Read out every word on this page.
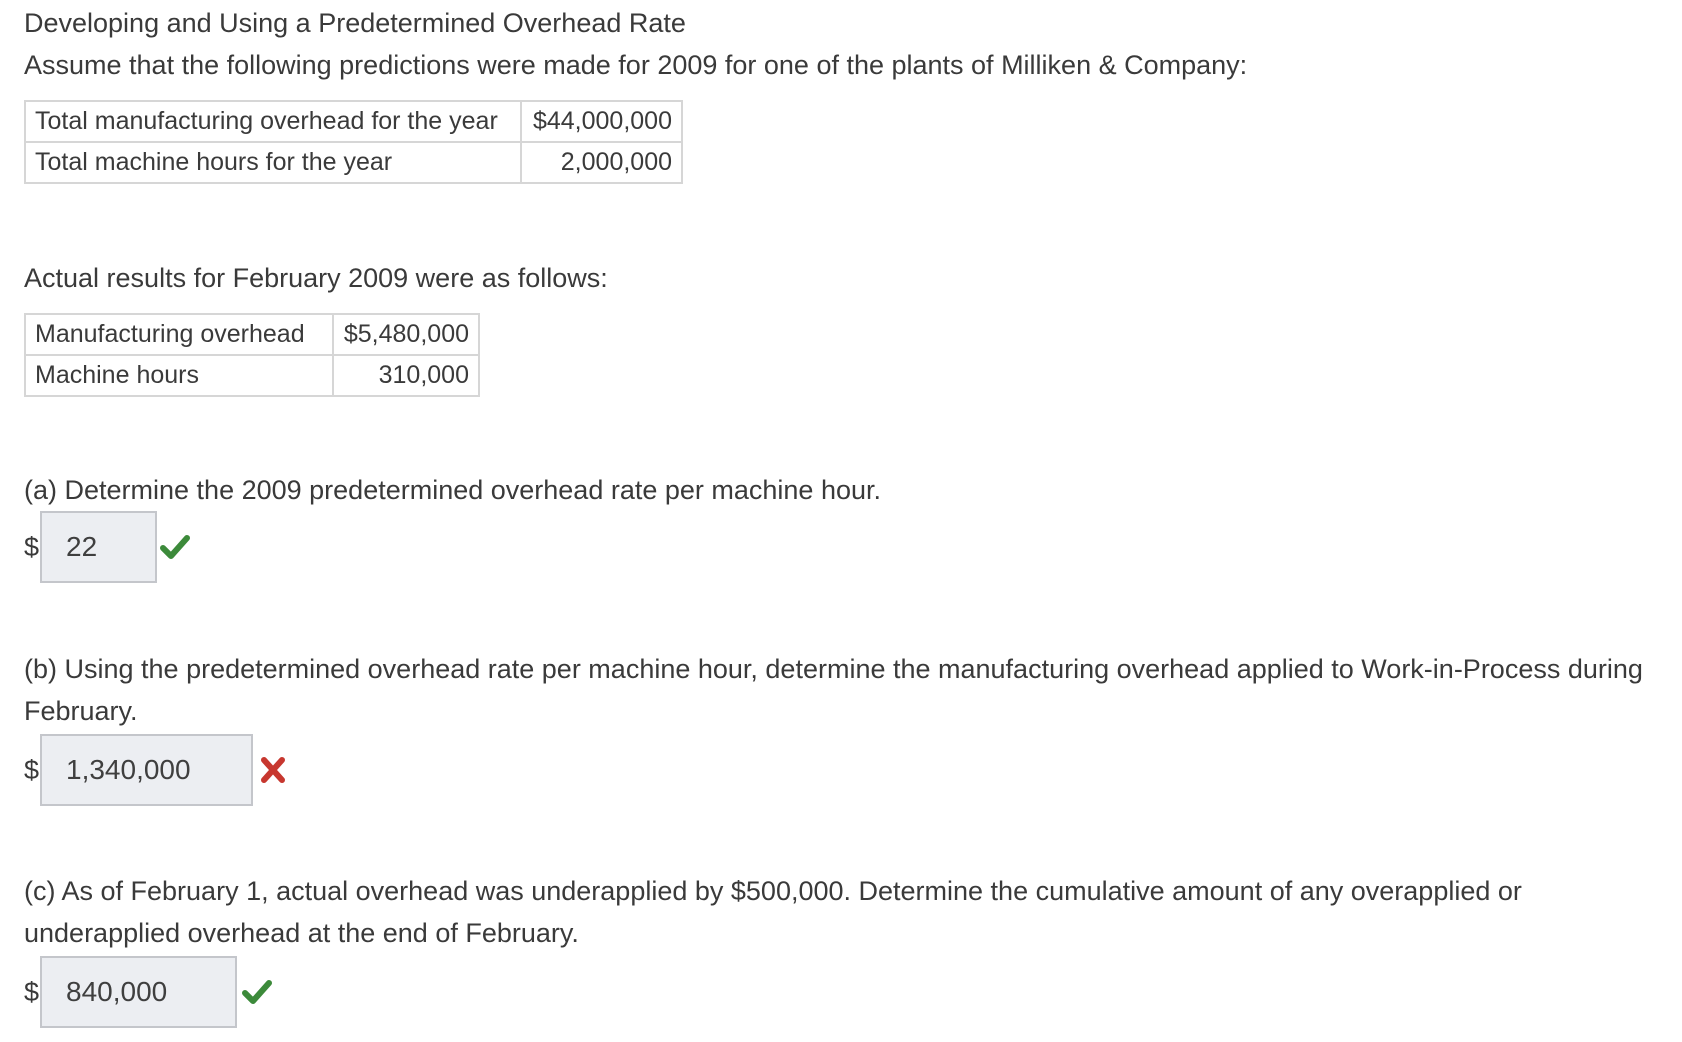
Developing and Using a Predetermined Overhead Rate
Assume that the following predictions were made for 2009 for one of the plants of Milliken & Company:
Total manufacturing overhead for the year	$44,000,000
Total machine hours for the year	2,000,000
Actual results for February 2009 were as follows:
Manufacturing overhead	$5,480,000
Machine hours	310,000
(a) Determine the 2009 predetermined overhead rate per machine hour.
$ 22
(b) Using the predetermined overhead rate per machine hour, determine the manufacturing overhead applied to Work-in-Process during February.
$ 1,340,000
(c) As of February 1, actual overhead was underapplied by $500,000. Determine the cumulative amount of any overapplied or underapplied overhead at the end of February.
$ 840,000
